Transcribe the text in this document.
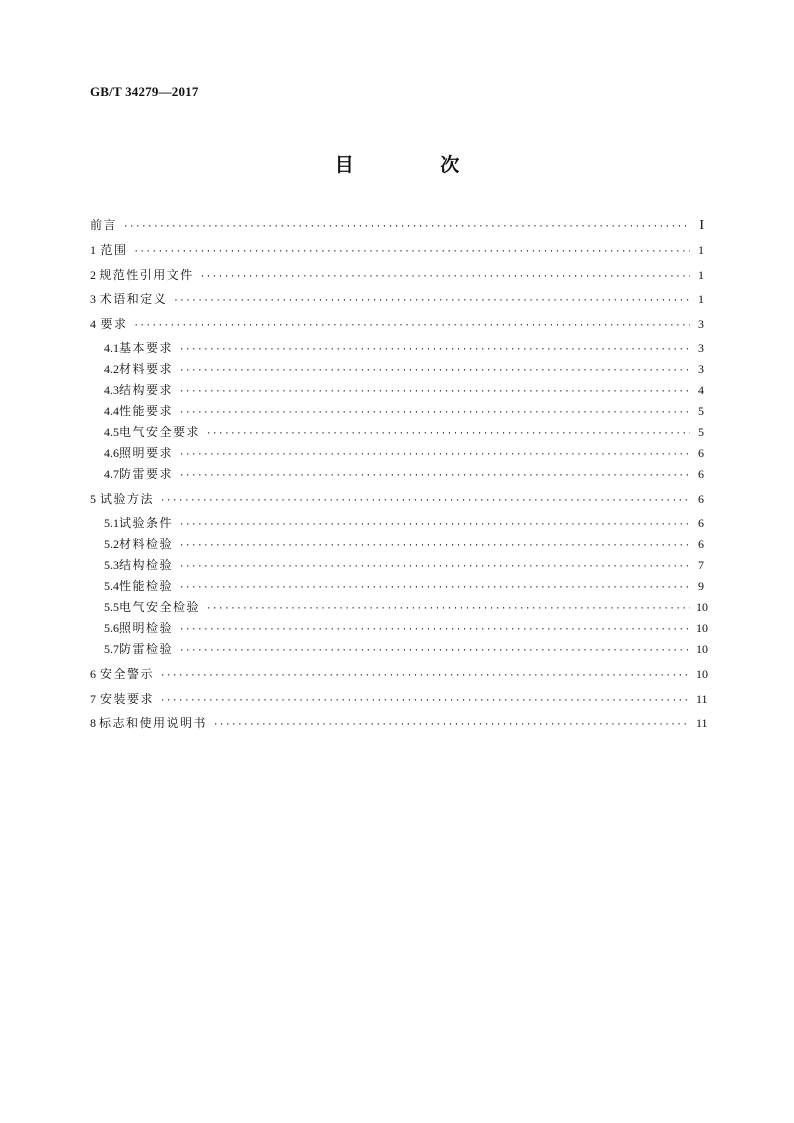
GB/T 34279—2017
目 次
前言 ·····	I
1 范围 ·····	1
2 规范性引用文件 ·····	1
3 术语和定义 ·····	1
4 要求 ·····	3
4.1 基本要求 ·····	3
4.2 材料要求 ·····	3
4.3 结构要求 ·····	4
4.4 性能要求 ·····	5
4.5 电气安全要求 ·····	5
4.6 照明要求 ·····	6
4.7 防雷要求 ·····	6
5 试验方法 ·····	6
5.1 试验条件 ·····	6
5.2 材料检验 ·····	6
5.3 结构检验 ·····	7
5.4 性能检验 ·····	9
5.5 电气安全检验 ·····	10
5.6 照明检验 ·····	10
5.7 防雷检验 ·····	10
6 安全警示 ·····	10
7 安装要求 ·····	11
8 标志和使用说明书 ·····	11
